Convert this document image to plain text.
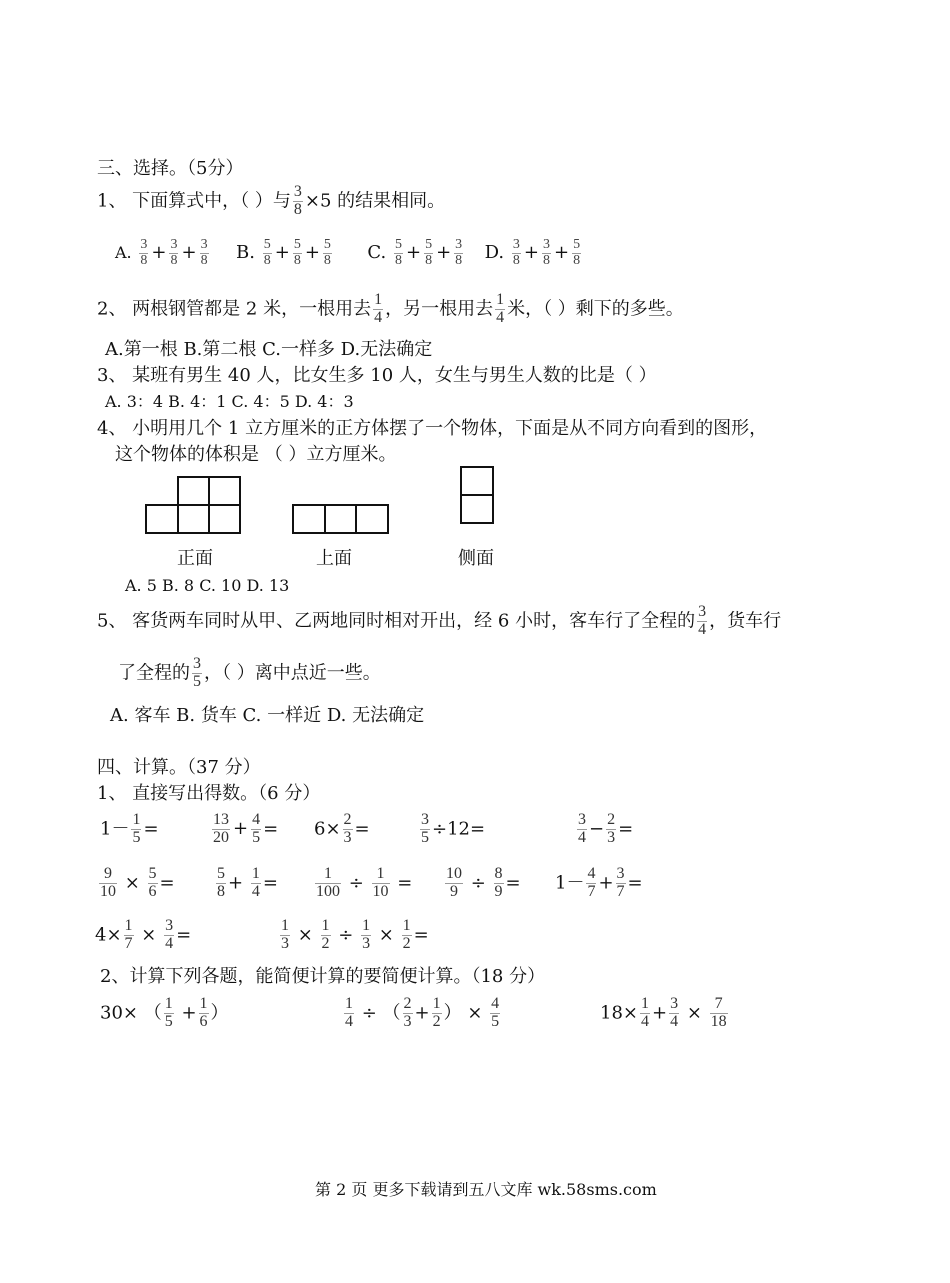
三、选择。（5分）
1、 下面算式中，（ ）与 $\frac{3}{8} \times 5$ 的结果相同。
A. $\frac{3}{8} + \frac{3}{8} + \frac{3}{8} B$. $\frac{5}{8} + \frac{5}{8} + \frac{5}{8} C$. $\frac{5}{8} + \frac{5}{8} + \frac{3}{8} D$. $\frac{3}{8} + \frac{3}{8} + \frac{5}{8}$
2、 两根钢管都是 2 米，一根用去 $\frac{1}{4}$ ，另一根用去 $\frac{1}{4}$ 米，（ ）剩下的多些。
A.第一根 B.第二根 C.一样多 D.无法确定
3、 某班有男生 40 人，比女生多 10 人，女生与男生人数的比是（ ）
A. 3：4 B. 4：1 C. 4：5 D. 4：3
4、 小明用几个 1 立方厘米的正方体摆了一个物体，下面是从不同方向看到的图形，
这个物体的体积是 （ ）立方厘米。
正面	上面	侧面
A. 5 B. 8 C. 10 D. 13
5、 客货两车同时从甲、乙两地同时相对开出，经 6 小时，客车行了全程的 $\frac{3}{4}$ ，货车行
了全程的 $\frac{3}{5}$ ，（ ）离中点近一些。
A. 客车 B. 货车 C. 一样近 D. 无法确定
四、计算。（37 分）
1、 直接写出得数。（6 分）
$1- \frac{1}{5}$ =	$\frac{13}{20} + \frac{4}{5} = 6\times \frac{2}{3}$ =	$\frac{3}{5} \div 12=$	$\frac{3}{4} - \frac{2}{3}$ =
$\frac{9}{10} \times \frac{5}{6}$ =	$\frac{5}{8} + \frac{1}{4} = \frac{1}{100} \div \frac{1}{10} = \frac{10}{9} \div \frac{8}{9} = 1- \frac{4}{7} + \frac{3}{7}$ =
$4\times \frac{1}{7} \times \frac{3}{4}$ =	$\frac{1}{3} \times \frac{1}{2} \div \frac{1}{3} \times \frac{1}{2}$ =
2、计算下列各题，能简便计算的要简便计算。（18 分）
30× （ $\frac{1}{5} + \frac{1}{6}$ ）	$\frac{1}{4}$ ÷ （ $\frac{2}{3} + \frac{1}{2}$ ） × $\frac{4}{5}$	$18\times \frac{1}{4} + \frac{3}{4} \times \frac{7}{18}$
第 2 页 更多下载请到五八文库 wk.58sms.com
